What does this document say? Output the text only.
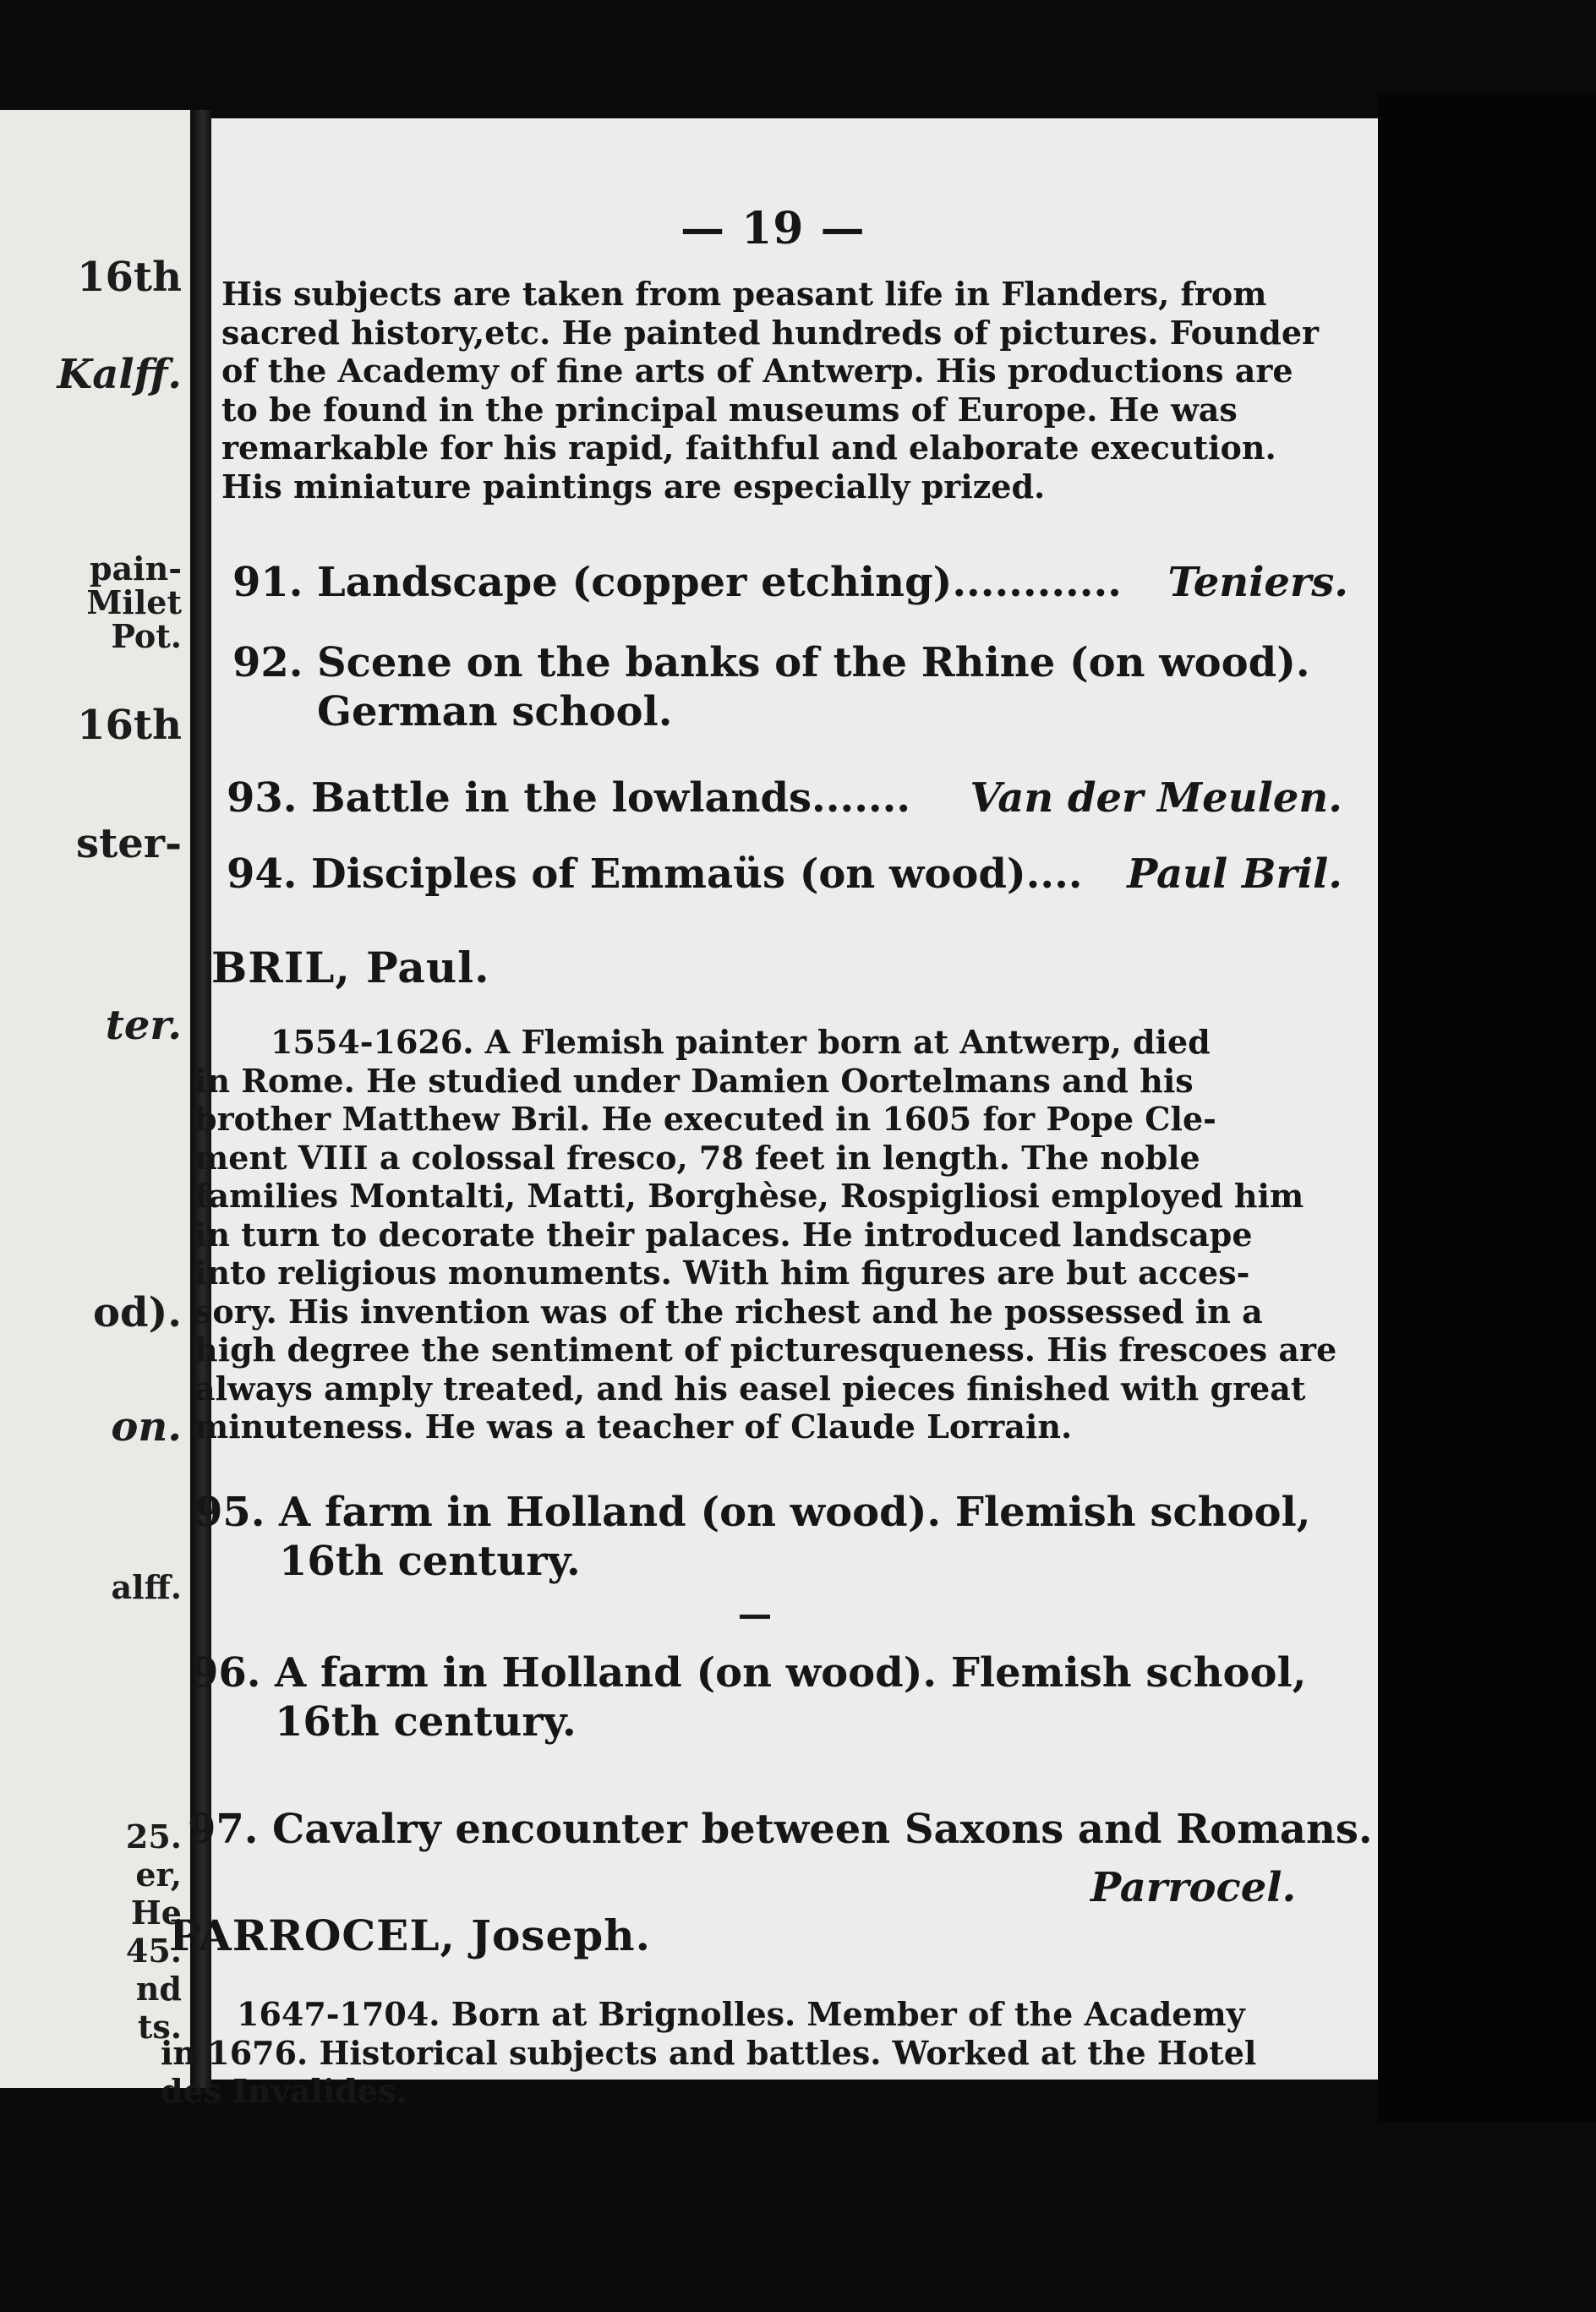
16th
Kalff.
pain-
Milet
Pot.
16th
ster-
ter.
od).
on.
alff.
25.
er,
He
45.
nd
ts.
— 19 —
His subjects are taken from peasant life in Flanders, from
sacred history,etc. He painted hundreds of pictures. Founder
of the Academy of fine arts of Antwerp. His productions are
to be found in the principal museums of Europe. He was
remarkable for his rapid, faithful and elaborate execution.
His miniature paintings are especially prized.
91. Landscape (copper etching)............ Teniers.
92. Scene on the banks of the Rhine (on wood).
German school.
93. Battle in the lowlands....... Van der Meulen.
94. Disciples of Emmaüs (on wood).... Paul Bril.
BRIL, Paul.
1554-1626. A Flemish painter born at Antwerp, died
in Rome. He studied under Damien Oortelmans and his
brother Matthew Bril. He executed in 1605 for Pope Cle-
ment VIII a colossal fresco, 78 feet in length. The noble
families Montalti, Matti, Borghèse, Rospigliosi employed him
in turn to decorate their palaces. He introduced landscape
into religious monuments. With him figures are but acces-
sory. His invention was of the richest and he possessed in a
high degree the sentiment of picturesqueness. His frescoes are
always amply treated, and his easel pieces finished with great
minuteness. He was a teacher of Claude Lorrain.
95. A farm in Holland (on wood). Flemish school,
16th century.
96. A farm in Holland (on wood). Flemish school,
16th century.
97. Cavalry encounter between Saxons and Romans.
Parrocel.
PARROCEL, Joseph.
1647-1704. Born at Brignolles. Member of the Academy
in 1676. Historical subjects and battles. Worked at the Hotel
des Invalides.
